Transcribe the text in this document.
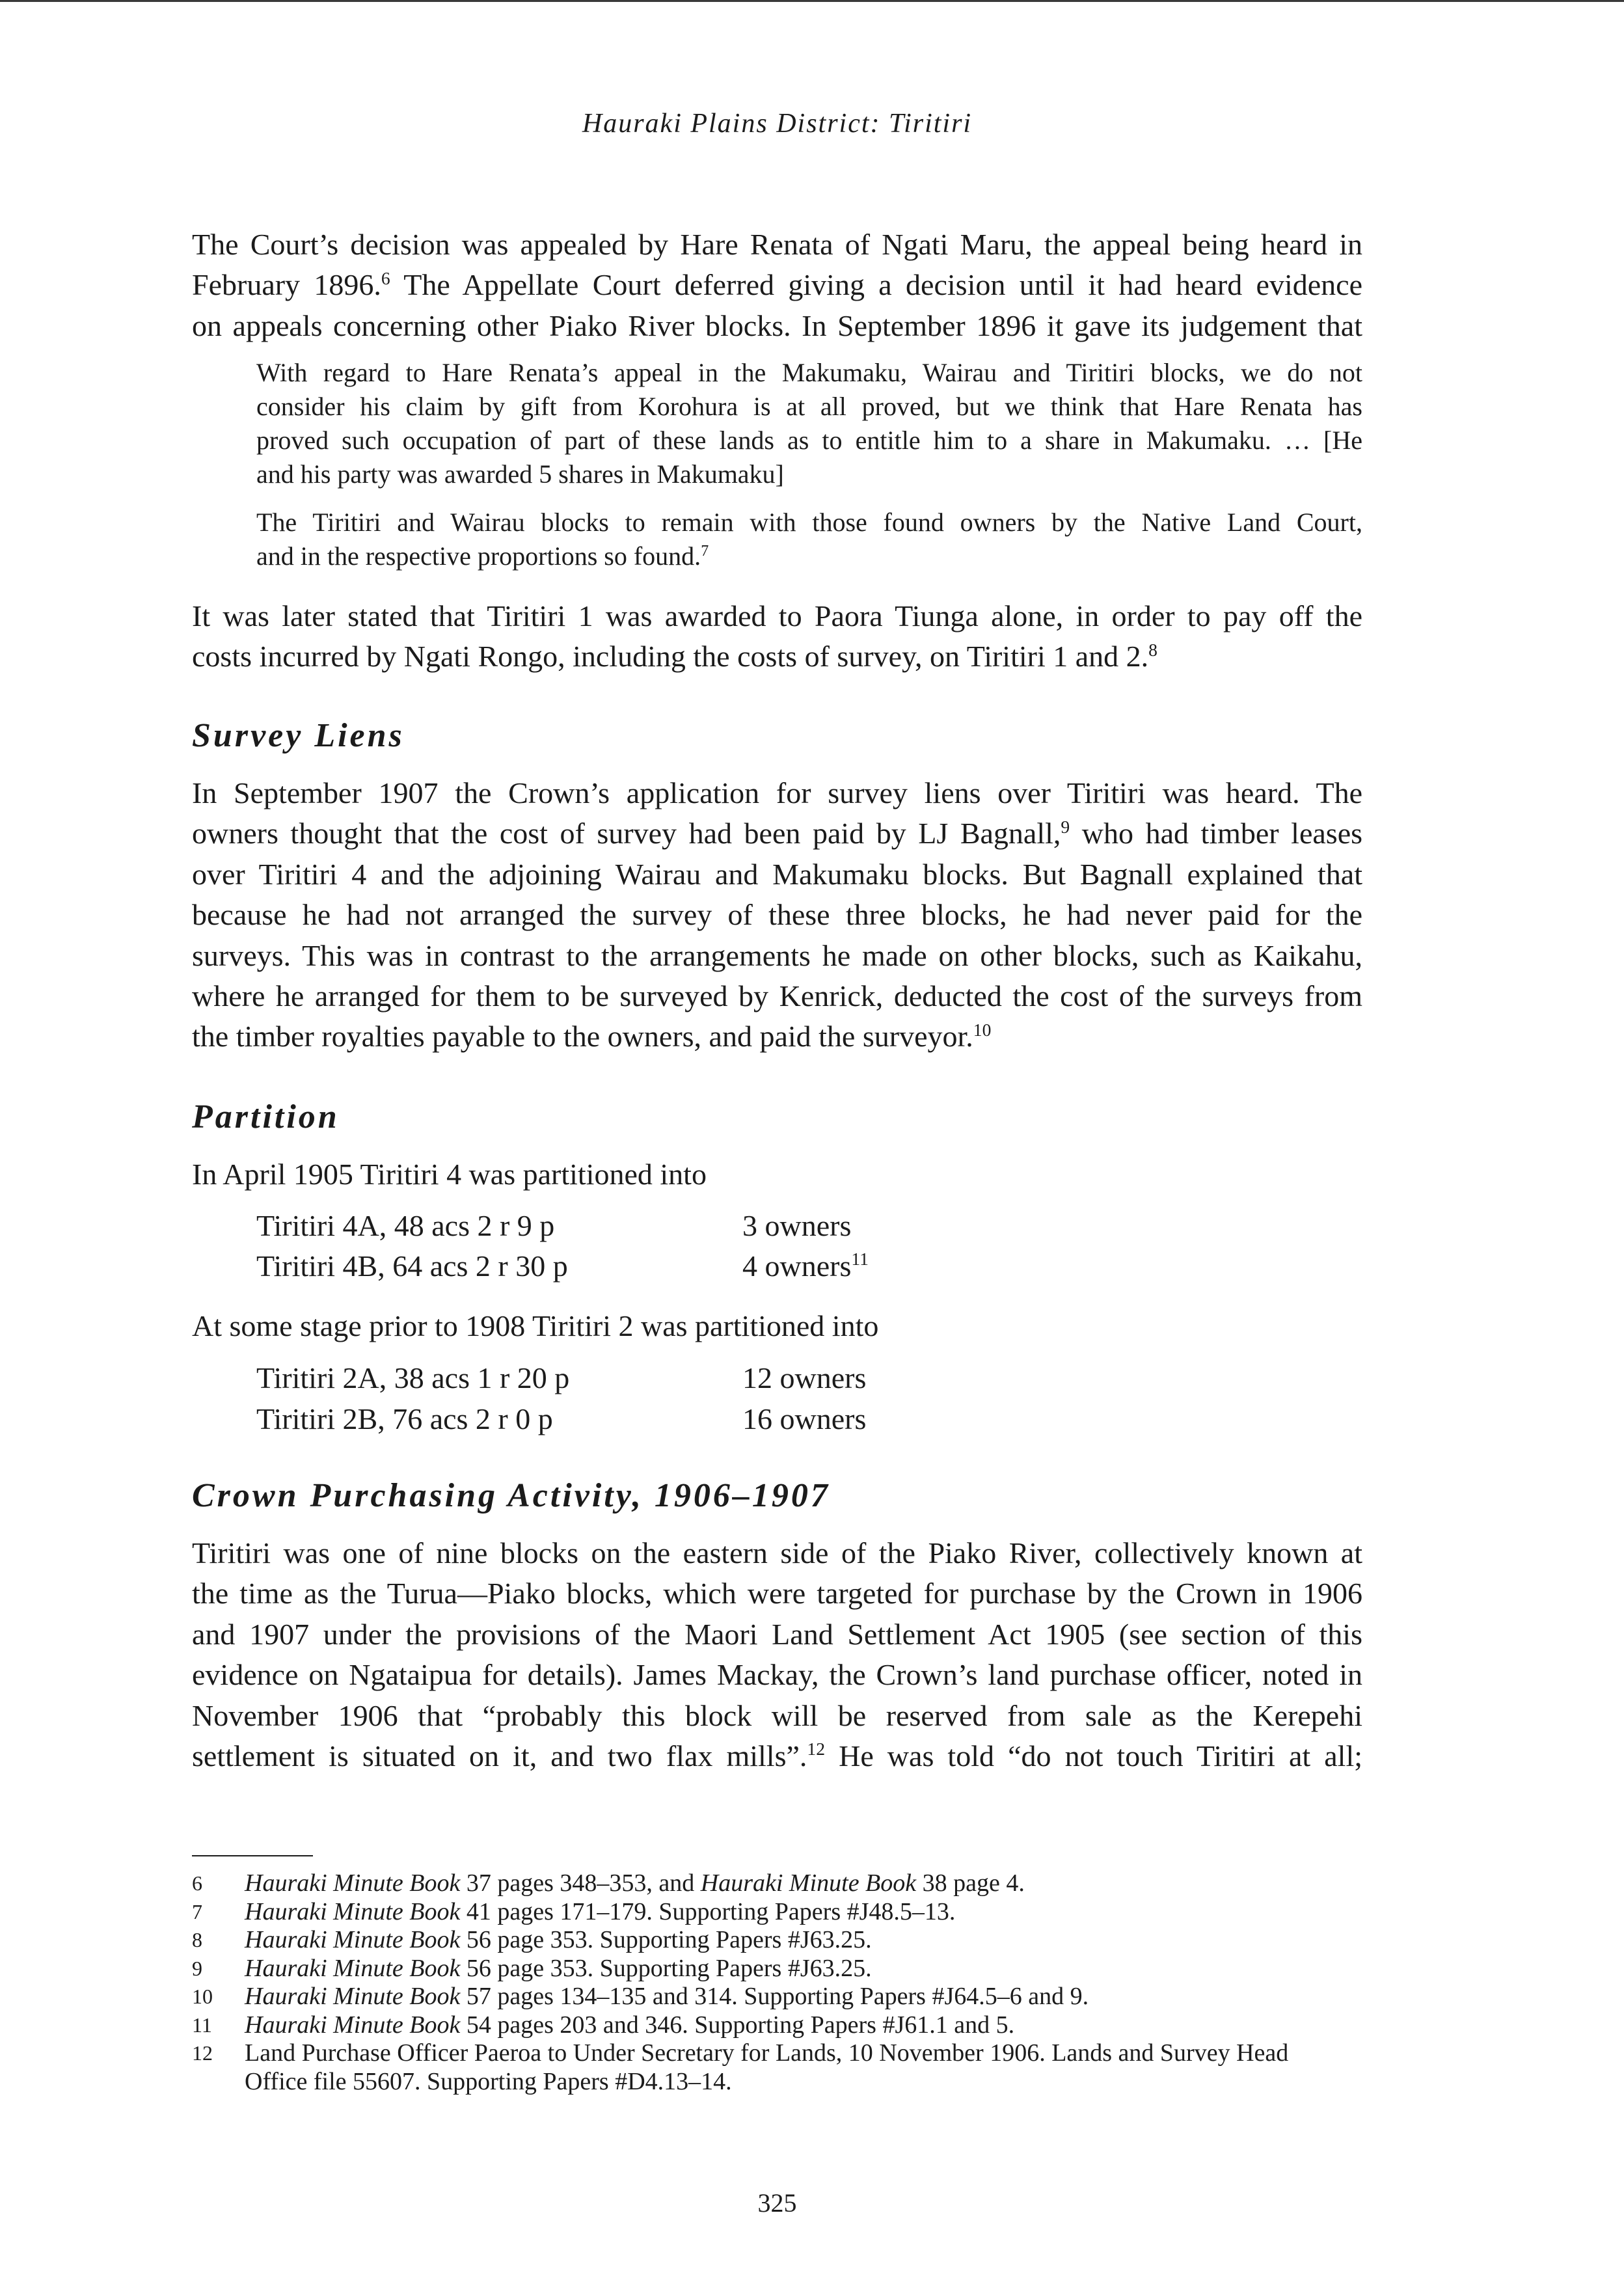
Hauraki Plains District: Tiritiri
The Court’s decision was appealed by Hare Renata of Ngati Maru, the appeal being heard in
February 1896.$^6$ The Appellate Court deferred giving a decision until it had heard evidence
on appeals concerning other Piako River blocks. In September 1896 it gave its judgement that
With regard to Hare Renata’s appeal in the Makumaku, Wairau and Tiritiri blocks, we do not
consider his claim by gift from Korohura is at all proved, but we think that Hare Renata has
proved such occupation of part of these lands as to entitle him to a share in Makumaku. … [He
and his party was awarded 5 shares in Makumaku]
The Tiritiri and Wairau blocks to remain with those found owners by the Native Land Court,
and in the respective proportions so found.$^7$
It was later stated that Tiritiri 1 was awarded to Paora Tiunga alone, in order to pay off the
costs incurred by Ngati Rongo, including the costs of survey, on Tiritiri 1 and 2.$^8$
Survey Liens
In September 1907 the Crown’s application for survey liens over Tiritiri was heard. The
owners thought that the cost of survey had been paid by LJ Bagnall,$^9$ who had timber leases
over Tiritiri 4 and the adjoining Wairau and Makumaku blocks. But Bagnall explained that
because he had not arranged the survey of these three blocks, he had never paid for the
surveys. This was in contrast to the arrangements he made on other blocks, such as Kaikahu,
where he arranged for them to be surveyed by Kenrick, deducted the cost of the surveys from
the timber royalties payable to the owners, and paid the surveyor.$^{10}$
Partition
In April 1905 Tiritiri 4 was partitioned into
Tiritiri 4A, 48 acs 2 r 9 p	3 owners
Tiritiri 4B, 64 acs 2 r 30 p	4 owners$^{11}$
At some stage prior to 1908 Tiritiri 2 was partitioned into
Tiritiri 2A, 38 acs 1 r 20 p	12 owners
Tiritiri 2B, 76 acs 2 r 0 p	16 owners
Crown Purchasing Activity, 1906–1907
Tiritiri was one of nine blocks on the eastern side of the Piako River, collectively known at
the time as the Turua—Piako blocks, which were targeted for purchase by the Crown in 1906
and 1907 under the provisions of the Maori Land Settlement Act 1905 (see section of this
evidence on Ngataipua for details). James Mackay, the Crown’s land purchase officer, noted in
November 1906 that “probably this block will be reserved from sale as the Kerepehi
settlement is situated on it, and two flax mills”.$^{12}$ He was told “do not touch Tiritiri at all;
6 Hauraki Minute Book 37 pages 348–353, and Hauraki Minute Book 38 page 4.
7 Hauraki Minute Book 41 pages 171–179. Supporting Papers #J48.5–13.
8 Hauraki Minute Book 56 page 353. Supporting Papers #J63.25.
9 Hauraki Minute Book 56 page 353. Supporting Papers #J63.25.
10 Hauraki Minute Book 57 pages 134–135 and 314. Supporting Papers #J64.5–6 and 9.
11 Hauraki Minute Book 54 pages 203 and 346. Supporting Papers #J61.1 and 5.
12 Land Purchase Officer Paeroa to Under Secretary for Lands, 10 November 1906. Lands and Survey Head
Office file 55607. Supporting Papers #D4.13–14.
325
